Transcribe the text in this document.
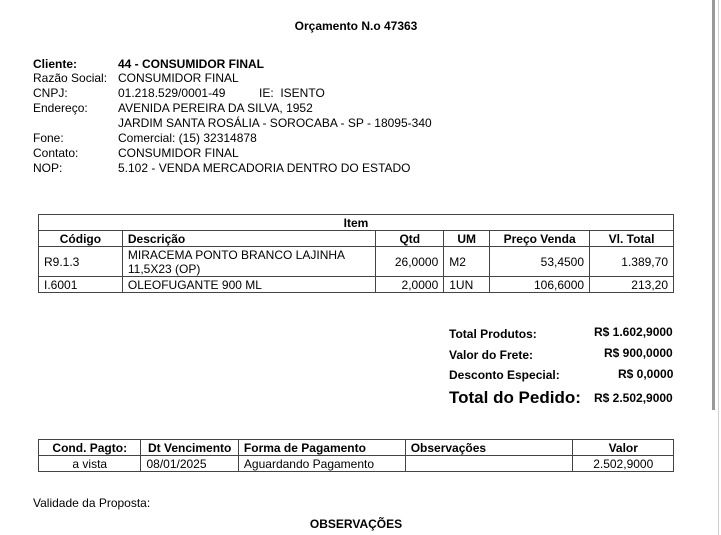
Orçamento N.o 47363
Cliente:	44 - CONSUMIDOR FINAL
Razão Social: CONSUMIDOR FINAL
CNPJ:	01.218.529/0001-49	IE: ISENTO
Endereço:	AVENIDA PEREIRA DA SILVA, 1952
JARDIM SANTA ROSÁLIA - SOROCABA - SP - 18095-340
Fone:	Comercial: (15) 32314878
Contato:	CONSUMIDOR FINAL
NOP:	5.102 - VENDA MERCADORIA DENTRO DO ESTADO
Item					
Código	Descrição	Qtd	UM	Preço Venda	Vl. Total
R9.1.3	MIRACEMA PONTO BRANCO LAJINHA
11,5X23 (OP)	26,0000	M2	53,4500	1.389,70
I.6001	OLEOFUGANTE 900 ML	2,0000	1UN	106,6000	213,20
Total Produtos:	R$ 1.602,9000
Valor do Frete:	R$ 900,0000
Desconto Especial:	R$ 0,0000
Total do Pedido: R$ 2.502,9000
Cond. Pagto:	Dt Vencimento	Forma de Pagamento	Observações	Valor
a vista	08/01/2025	Aguardando Pagamento		2.502,9000
Validade da Proposta:
OBSERVAÇÕES
